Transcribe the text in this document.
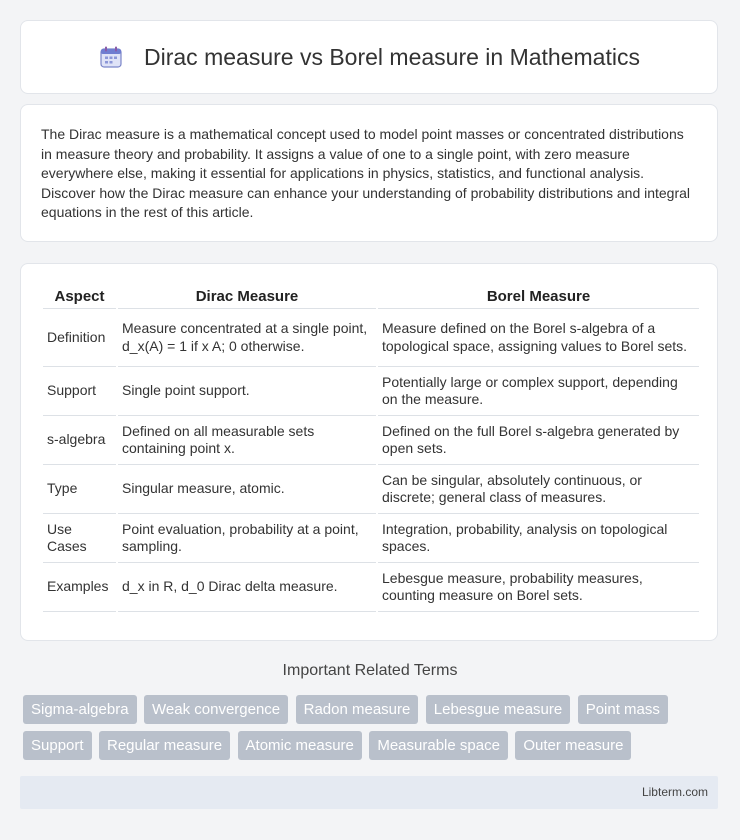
Dirac measure vs Borel measure in Mathematics

The Dirac measure is a mathematical concept used to model point masses or concentrated distributions in measure theory and probability. It assigns a value of one to a single point, with zero measure everywhere else, making it essential for applications in physics, statistics, and functional analysis. Discover how the Dirac measure can enhance your understanding of probability distributions and integral equations in the rest of this article.

Aspect	Dirac Measure	Borel Measure
Definition	Measure concentrated at a single point, d_x(A) = 1 if x A; 0 otherwise.	Measure defined on the Borel s-algebra of a topological space, assigning values to Borel sets.
Support	Single point support.	Potentially large or complex support, depending on the measure.
s-algebra	Defined on all measurable sets containing point x.	Defined on the full Borel s-algebra generated by open sets.
Type	Singular measure, atomic.	Can be singular, absolutely continuous, or discrete; general class of measures.
Use Cases	Point evaluation, probability at a point, sampling.	Integration, probability, analysis on topological spaces.
Examples	d_x in R, d_0 Dirac delta measure.	Lebesgue measure, probability measures, counting measure on Borel sets.
Important Related Terms
Sigma-algebra Weak convergence Radon measure Lebesgue measure Point mass Support Regular measure Atomic measure Measurable space Outer measure
Libterm.com
